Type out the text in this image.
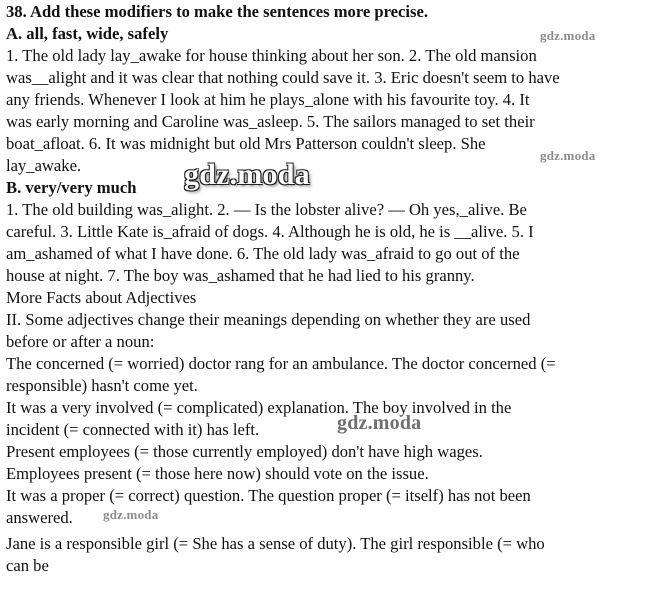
38. Add these modifiers to make the sentences more precise.
A. all, fast, wide, safely
1. The old lady lay_awake for house thinking about her son. 2. The old mansion
was__alight and it was clear that nothing could save it. 3. Eric doesn't seem to have
any friends. Whenever I look at him he plays_alone with his favourite toy. 4. It
was early morning and Caroline was_asleep. 5. The sailors managed to set their
boat_afloat. 6. It was midnight but old Mrs Patterson couldn't sleep. She
lay_awake.
B. very/very much
1. The old building was_alight. 2. — Is the lobster alive? — Oh yes,_alive. Be
careful. 3. Little Kate is_afraid of dogs. 4. Although he is old, he is __alive. 5. I
am_ashamed of what I have done. 6. The old lady was_afraid to go out of the
house at night. 7. The boy was_ashamed that he had lied to his granny.
More Facts about Adjectives
II. Some adjectives change their meanings depending on whether they are used
before or after a noun:
The concerned (= worried) doctor rang for an ambulance. The doctor concerned (=
responsible) hasn't come yet.
It was a very involved (= complicated) explanation. The boy involved in the
incident (= connected with it) has left.
Present employees (= those currently employed) don't have high wages.
Employees present (= those here now) should vote on the issue.
It was a proper (= correct) question. The question proper (= itself) has not been
answered.
Jane is a responsible girl (= She has a sense of duty). The girl responsible (= who
can be
gdz.moda
gdz.moda
gdz.moda
gdz.moda
gdz.moda
